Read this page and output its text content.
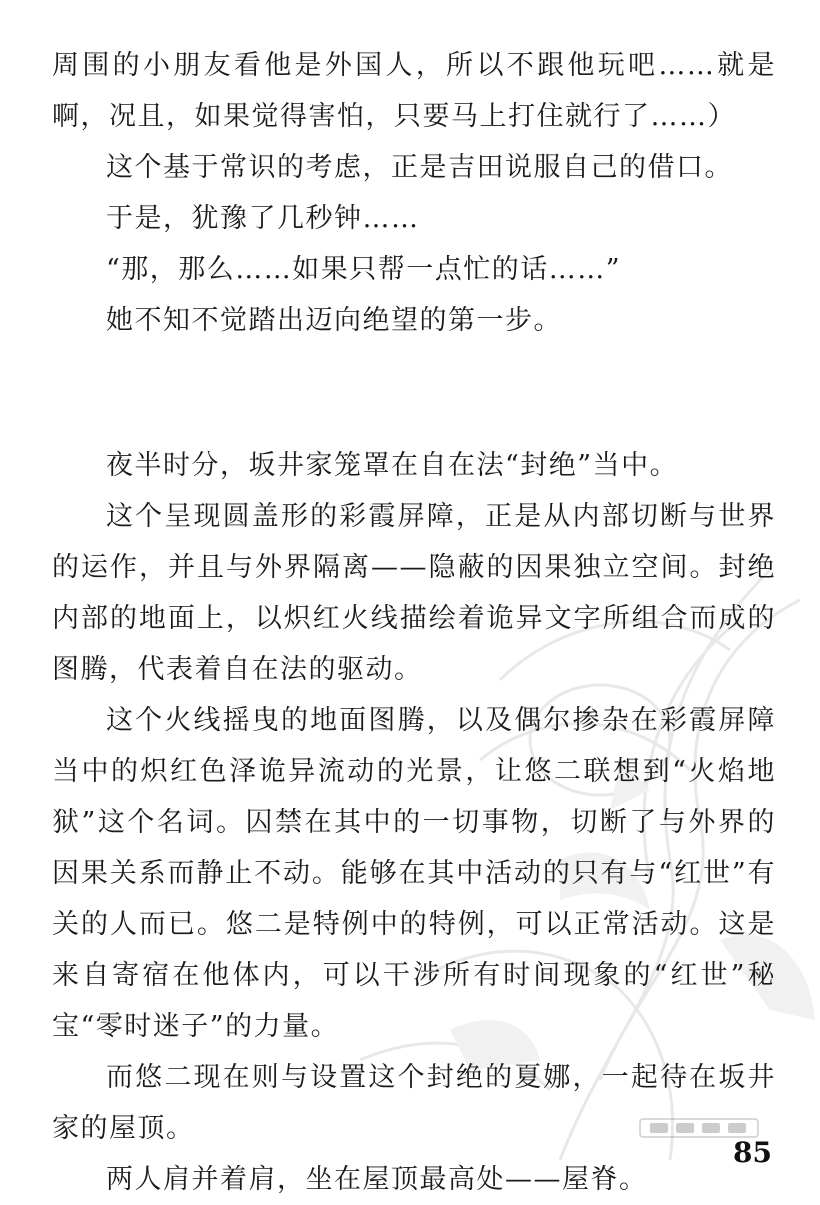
周围的小朋友看他是外国人，所以不跟他玩吧……就是啊，况且，如果觉得害怕，只要马上打住就行了……）

这个基于常识的考虑，正是吉田说服自己的借口。

于是，犹豫了几秒钟……

“那，那么……如果只帮一点忙的话……”

她不知不觉踏出迈向绝望的第一步。

夜半时分，坂井家笼罩在自在法“封绝”当中。

这个呈现圆盖形的彩霞屏障，正是从内部切断与世界的运作，并且与外界隔离——隐蔽的因果独立空间。封绝内部的地面上，以炽红火线描绘着诡异文字所组合而成的图腾，代表着自在法的驱动。

这个火线摇曳的地面图腾，以及偶尔掺杂在彩霞屏障当中的炽红色泽诡异流动的光景，让悠二联想到“火焰地狱”这个名词。囚禁在其中的一切事物，切断了与外界的因果关系而静止不动。能够在其中活动的只有与“红世”有关的人而已。悠二是特例中的特例，可以正常活动。这是来自寄宿在他体内，可以干涉所有时间现象的“红世”秘宝“零时迷子”的力量。

而悠二现在则与设置这个封绝的夏娜，一起待在坂井家的屋顶。

两人肩并着肩，坐在屋顶最高处——屋脊。

85
